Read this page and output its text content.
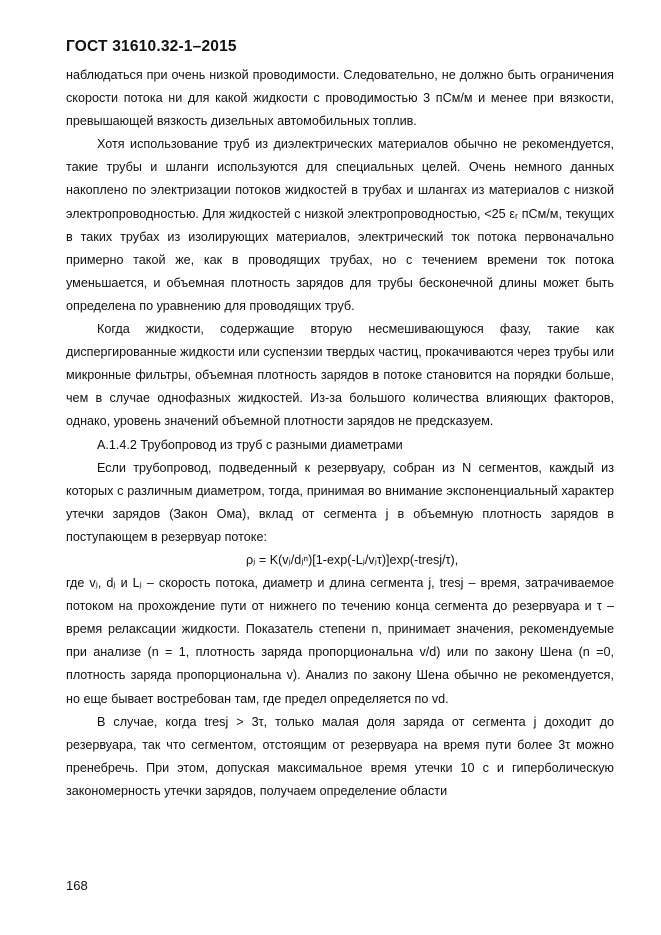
ГОСТ 31610.32-1–2015

наблюдаться при очень низкой проводимости. Следовательно, не должно быть ограничения скорости потока ни для какой жидкости с проводимостью 3 пСм/м и менее при вязкости, превышающей вязкость дизельных автомобильных топлив.

Хотя использование труб из диэлектрических материалов обычно не рекомендуется, такие трубы и шланги используются для специальных целей. Очень немного данных накоплено по электризации потоков жидкостей в трубах и шлангах из материалов с низкой электропроводностью. Для жидкостей с низкой электропроводностью, <25 εᵣ пСм/м, текущих в таких трубах из изолирующих материалов, электрический ток потока первоначально примерно такой же, как в проводящих трубах, но с течением времени ток потока уменьшается, и объемная плотность зарядов для трубы бесконечной длины может быть определена по уравнению для проводящих труб.

Когда жидкости, содержащие вторую несмешивающуюся фазу, такие как диспергированные жидкости или суспензии твердых частиц, прокачиваются через трубы или микронные фильтры, объемная плотность зарядов в потоке становится на порядки больше, чем в случае однофазных жидкостей. Из-за большого количества влияющих факторов, однако, уровень значений объемной плотности зарядов не предсказуем.

А.1.4.2 Трубопровод из труб с разными диаметрами

Если трубопровод, подведенный к резервуару, собран из N сегментов, каждый из которых с различным диаметром, тогда, принимая во внимание экспоненциальный характер утечки зарядов (Закон Ома), вклад от сегмента j в объемную плотность зарядов в поступающем в резервуар потоке:

ρⱼ = K(vⱼ/dⱼⁿ)[1-exp(-Lⱼ/vⱼτ)]exp(-tresj/τ),

где vⱼ, dⱼ и Lⱼ – скорость потока, диаметр и длина сегмента j, tresj – время, затрачиваемое потоком на прохождение пути от нижнего по течению конца сегмента до резервуара и τ – время релаксации жидкости. Показатель степени n, принимает значения, рекомендуемые при анализе (n = 1, плотность заряда пропорциональна v/d) или по закону Шена (n =0, плотность заряда пропорциональна v). Анализ по закону Шена обычно не рекомендуется, но еще бывает востребован там, где предел определяется по vd.

В случае, когда tresj > 3τ, только малая доля заряда от сегмента j доходит до резервуара, так что сегментом, отстоящим от резервуара на время пути более 3τ можно пренебречь. При этом, допуская максимальное время утечки 10 с и гиперболическую закономерность утечки зарядов, получаем определение области

168
